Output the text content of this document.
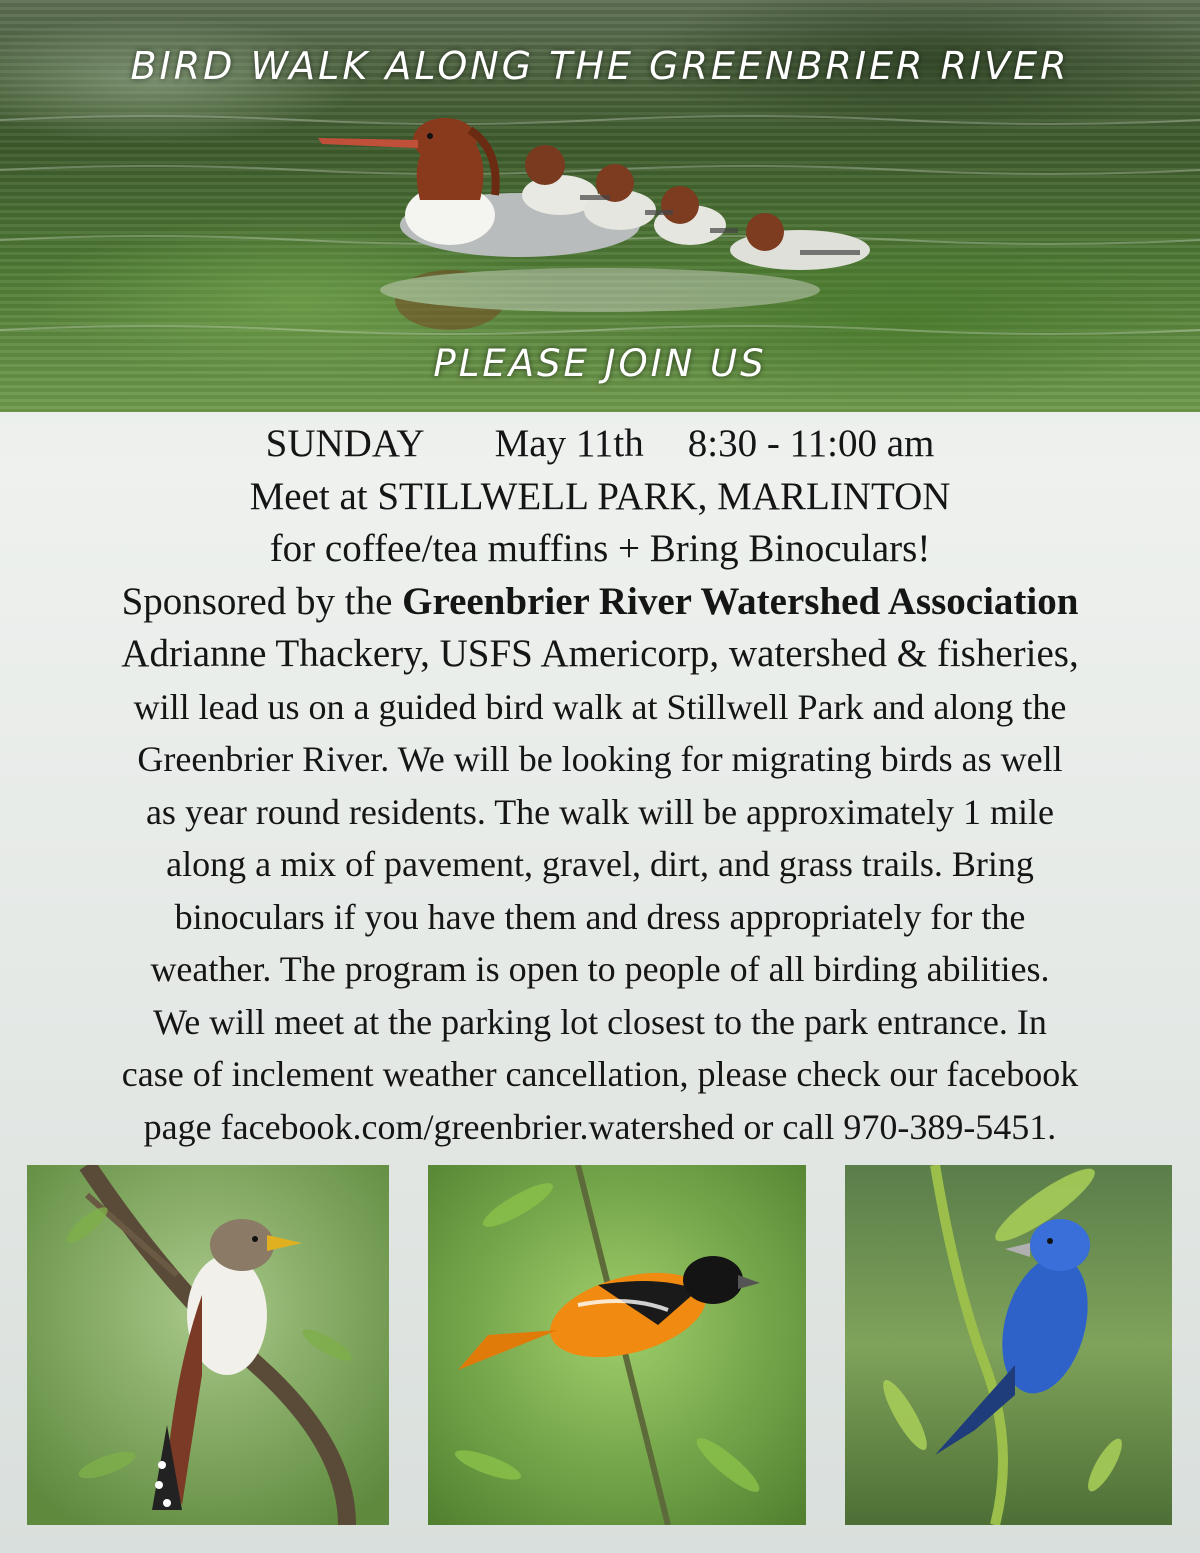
BIRD WALK ALONG THE GREENBRIER RIVER
PLEASE JOIN US
SUNDAY May 11th 8:30 - 11:00 am
Meet at STILLWELL PARK, MARLINTON
for coffee/tea muffins + Bring Binoculars!
Sponsored by the Greenbrier River Watershed Association
Adrianne Thackery, USFS Americorp, watershed & fisheries,
will lead us on a guided bird walk at Stillwell Park and along the
Greenbrier River. We will be looking for migrating birds as well
as year round residents. The walk will be approximately 1 mile
along a mix of pavement, gravel, dirt, and grass trails. Bring
binoculars if you have them and dress appropriately for the
weather. The program is open to people of all birding abilities.
We will meet at the parking lot closest to the park entrance. In
case of inclement weather cancellation, please check our facebook
page facebook.com/greenbrier.watershed or call 970-389-5451.
